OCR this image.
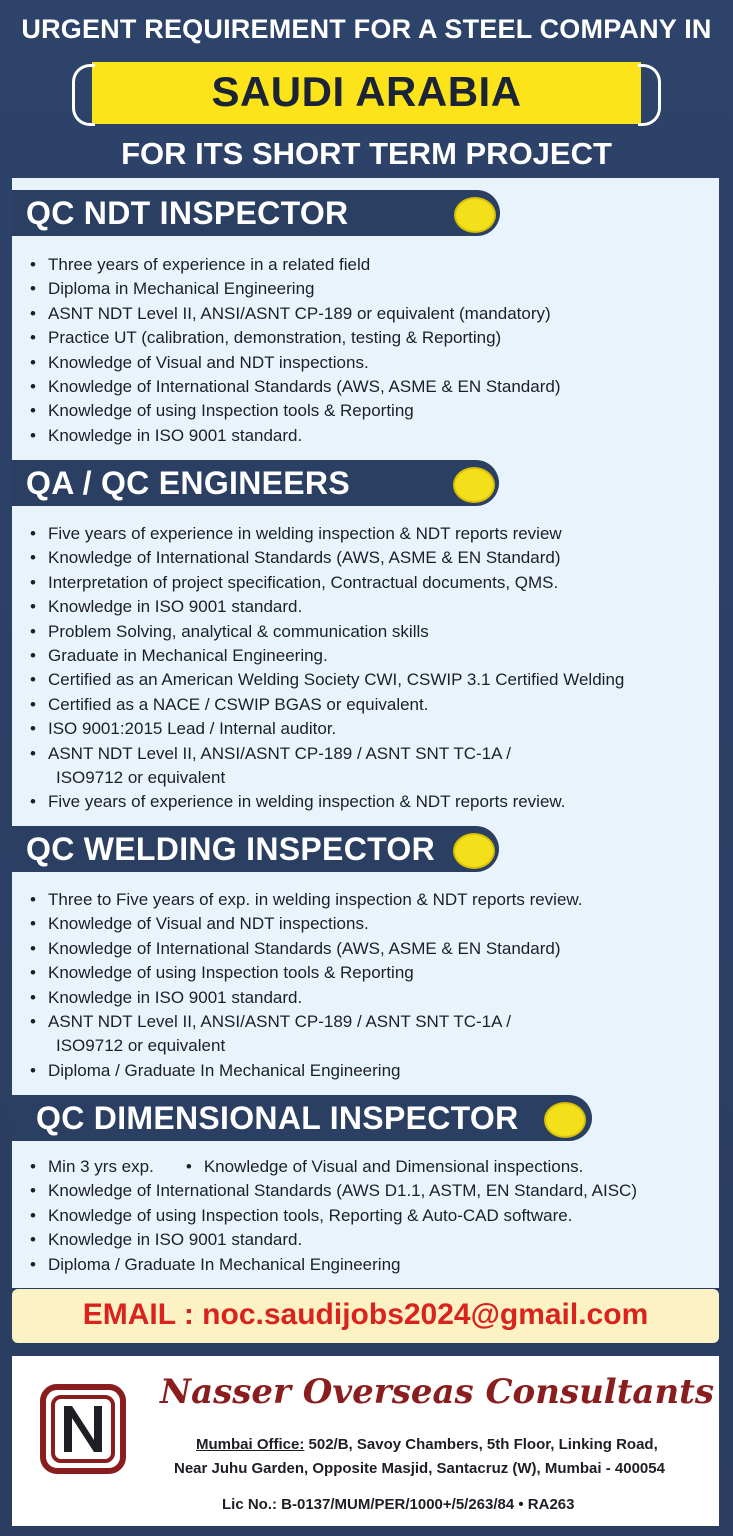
URGENT REQUIREMENT FOR A STEEL COMPANY IN
SAUDI ARABIA
FOR ITS SHORT TERM PROJECT
QC NDT INSPECTOR
• Three years of experience in a related field
• Diploma in Mechanical Engineering
• ASNT NDT Level II, ANSI/ASNT CP-189 or equivalent (mandatory)
• Practice UT (calibration, demonstration, testing & Reporting)
• Knowledge of Visual and NDT inspections.
• Knowledge of International Standards (AWS, ASME & EN Standard)
• Knowledge of using Inspection tools & Reporting
• Knowledge in ISO 9001 standard.
QA / QC ENGINEERS
• Five years of experience in welding inspection & NDT reports review
• Knowledge of International Standards (AWS, ASME & EN Standard)
• Interpretation of project specification, Contractual documents, QMS.
• Knowledge in ISO 9001 standard.
• Problem Solving, analytical & communication skills
• Graduate in Mechanical Engineering.
• Certified as an American Welding Society CWI, CSWIP 3.1 Certified Welding
• Certified as a NACE / CSWIP BGAS or equivalent.
• ISO 9001:2015 Lead / Internal auditor.
• ASNT NDT Level II, ANSI/ASNT CP-189 / ASNT SNT TC-1A /
ISO9712 or equivalent
• Five years of experience in welding inspection & NDT reports review.
QC WELDING INSPECTOR
• Three to Five years of exp. in welding inspection & NDT reports review.
• Knowledge of Visual and NDT inspections.
• Knowledge of International Standards (AWS, ASME & EN Standard)
• Knowledge of using Inspection tools & Reporting
• Knowledge in ISO 9001 standard.
• ASNT NDT Level II, ANSI/ASNT CP-189 / ASNT SNT TC-1A /
ISO9712 or equivalent
• Diploma / Graduate In Mechanical Engineering
QC DIMENSIONAL INSPECTOR
• Min 3 yrs exp. • Knowledge of Visual and Dimensional inspections.
• Knowledge of International Standards (AWS D1.1, ASTM, EN Standard, AISC)
• Knowledge of using Inspection tools, Reporting & Auto-CAD software.
• Knowledge in ISO 9001 standard.
• Diploma / Graduate In Mechanical Engineering
EMAIL : noc.saudijobs2024@gmail.com
Nasser Overseas Consultants
Mumbai Office: 502/B, Savoy Chambers, 5th Floor, Linking Road,
Near Juhu Garden, Opposite Masjid, Santacruz (W), Mumbai - 400054
Lic No.: B-0137/MUM/PER/1000+/5/263/84 • RA263
